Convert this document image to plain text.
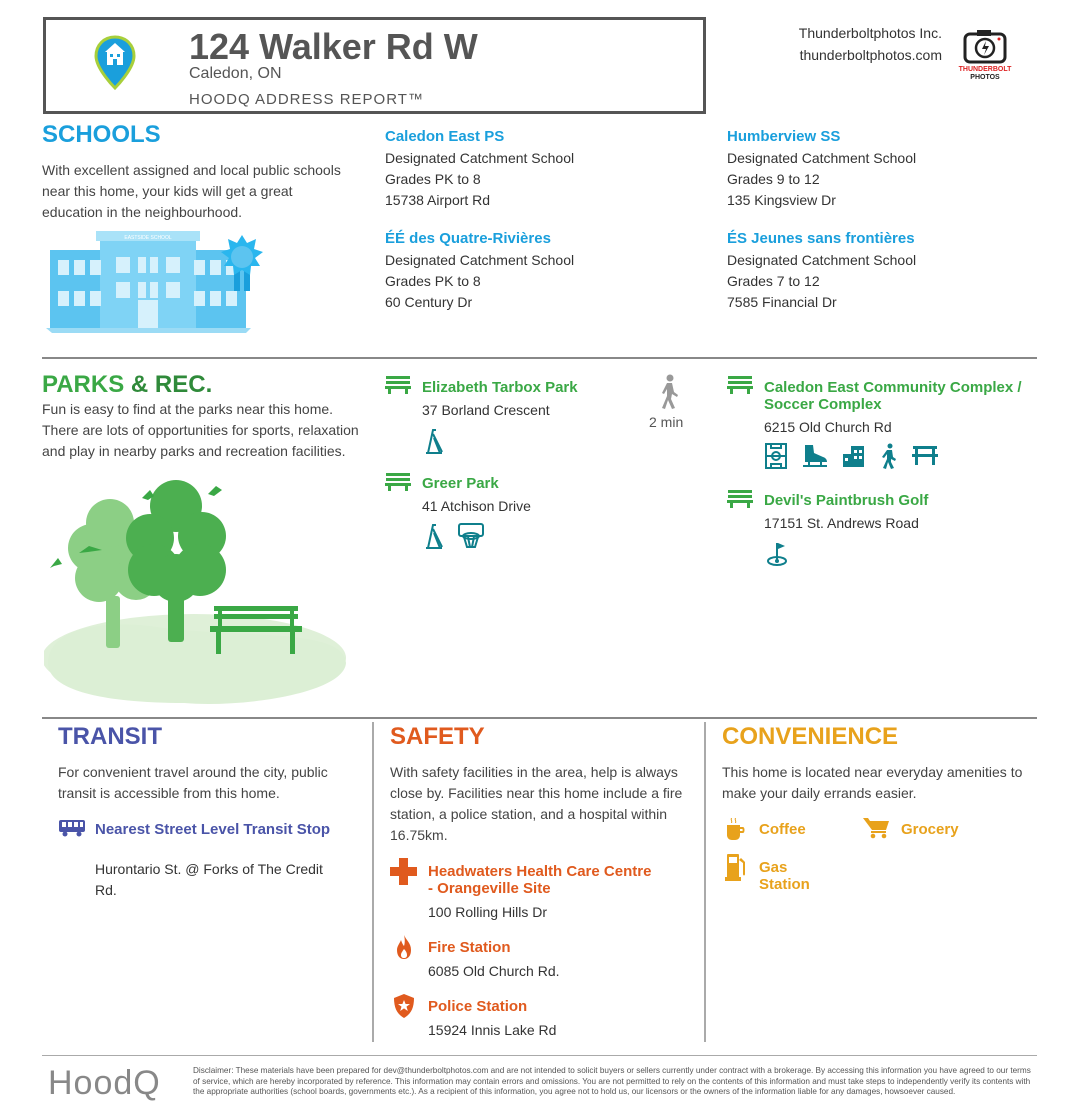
124 Walker Rd W
Caledon, ON
HOODQ ADDRESS REPORT™
Thunderboltphotos Inc.
thunderboltphotos.com
THUNDERBOLT
PHOTOS
SCHOOLS
With excellent assigned and local public schools near this home, your kids will get a great education in the neighbourhood.
EASTSIDE SCHOOL
Caledon East PS
Designated Catchment School
Grades PK to 8
15738 Airport Rd
Humberview SS
Designated Catchment School
Grades 9 to 12
135 Kingsview Dr
ÉÉ des Quatre-Rivières
Designated Catchment School
Grades PK to 8
60 Century Dr
ÉS Jeunes sans frontières
Designated Catchment School
Grades 7 to 12
7585 Financial Dr
PARKS & REC.
Fun is easy to find at the parks near this home. There are lots of opportunities for sports, relaxation and play in nearby parks and recreation facilities.
Elizabeth Tarbox Park
37 Borland Crescent
Greer Park
41 Atchison Drive
2 min
Caledon East Community Complex / Soccer Complex
6215 Old Church Rd
Devil's Paintbrush Golf
17151 St. Andrews Road
TRANSIT
For convenient travel around the city, public transit is accessible from this home.
Nearest Street Level Transit Stop
Hurontario St. @ Forks of The Credit Rd.
SAFETY
With safety facilities in the area, help is always close by. Facilities near this home include a fire station, a police station, and a hospital within 16.75km.
Headwaters Health Care Centre - Orangeville Site
100 Rolling Hills Dr
Fire Station
6085 Old Church Rd.
Police Station
15924 Innis Lake Rd
CONVENIENCE
This home is located near everyday amenities to make your daily errands easier.
Coffee	Grocery
Gas Station
HoodQ	Disclaimer: These materials have been prepared for dev@thunderboltphotos.com and are not intended to solicit buyers or sellers currently under contract with a brokerage. By accessing this information you have agreed to our terms
of service, which are hereby incorporated by reference. This information may contain errors and omissions. You are not permitted to rely on the contents of this information and must take steps to independently verify its contents with
the appropriate authorities (school boards, governments etc.). As a recipient of this information, you agree not to hold us, our licensors or the owners of the information liable for any damages, howsoever caused.
